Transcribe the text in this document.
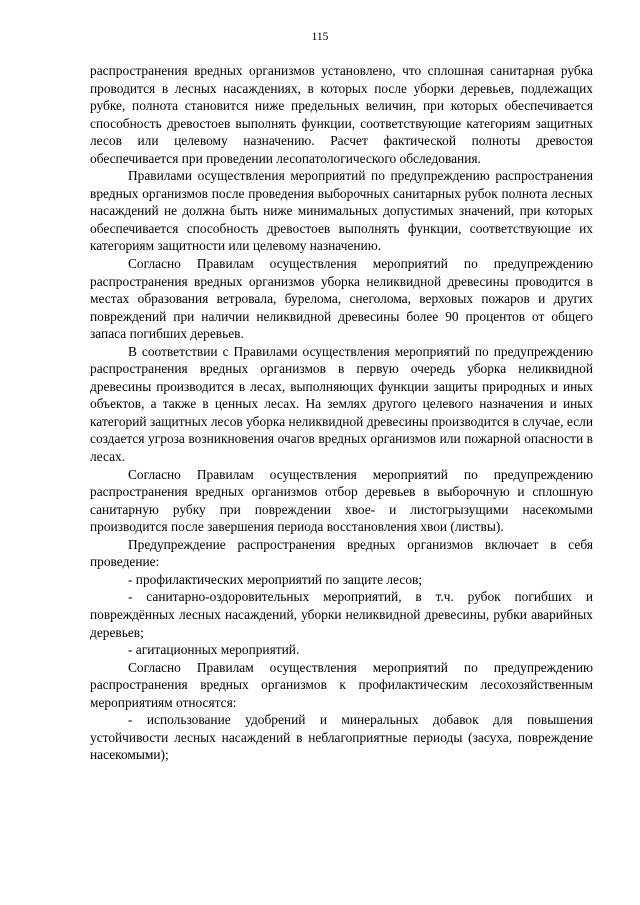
115

распространения вредных организмов установлено, что сплошная санитарная рубка проводится в лесных насаждениях, в которых после уборки деревьев, подлежащих рубке, полнота становится ниже предельных величин, при которых обеспечивается способность древостоев выполнять функции, соответствующие категориям защитных лесов или целевому назначению. Расчет фактической полноты древостоя обеспечивается при проведении лесопатологического обследования.

Правилами осуществления мероприятий по предупреждению распространения вредных организмов после проведения выборочных санитарных рубок полнота лесных насаждений не должна быть ниже минимальных допустимых значений, при которых обеспечивается способность древостоев выполнять функции, соответствующие их категориям защитности или целевому назначению.

Согласно Правилам осуществления мероприятий по предупреждению распространения вредных организмов уборка неликвидной древесины проводится в местах образования ветровала, бурелома, снеголома, верховых пожаров и других повреждений при наличии неликвидной древесины более 90 процентов от общего запаса погибших деревьев.

В соответствии с Правилами осуществления мероприятий по предупреждению распространения вредных организмов в первую очередь уборка неликвидной древесины производится в лесах, выполняющих функции защиты природных и иных объектов, а также в ценных лесах. На землях другого целевого назначения и иных категорий защитных лесов уборка неликвидной древесины производится в случае, если создается угроза возникновения очагов вредных организмов или пожарной опасности в лесах.

Согласно Правилам осуществления мероприятий по предупреждению распространения вредных организмов отбор деревьев в выборочную и сплошную санитарную рубку при повреждении хвое- и листогрызущими насекомыми производится после завершения периода восстановления хвои (листвы).

Предупреждение распространения вредных организмов включает в себя проведение:

- профилактических мероприятий по защите лесов;

- санитарно-оздоровительных мероприятий, в т.ч. рубок погибших и повреждённых лесных насаждений, уборки неликвидной древесины, рубки аварийных деревьев;

- агитационных мероприятий.

Согласно Правилам осуществления мероприятий по предупреждению распространения вредных организмов к профилактическим лесохозяйственным мероприятиям относятся:

- использование удобрений и минеральных добавок для повышения устойчивости лесных насаждений в неблагоприятные периоды (засуха, повреждение насекомыми);
